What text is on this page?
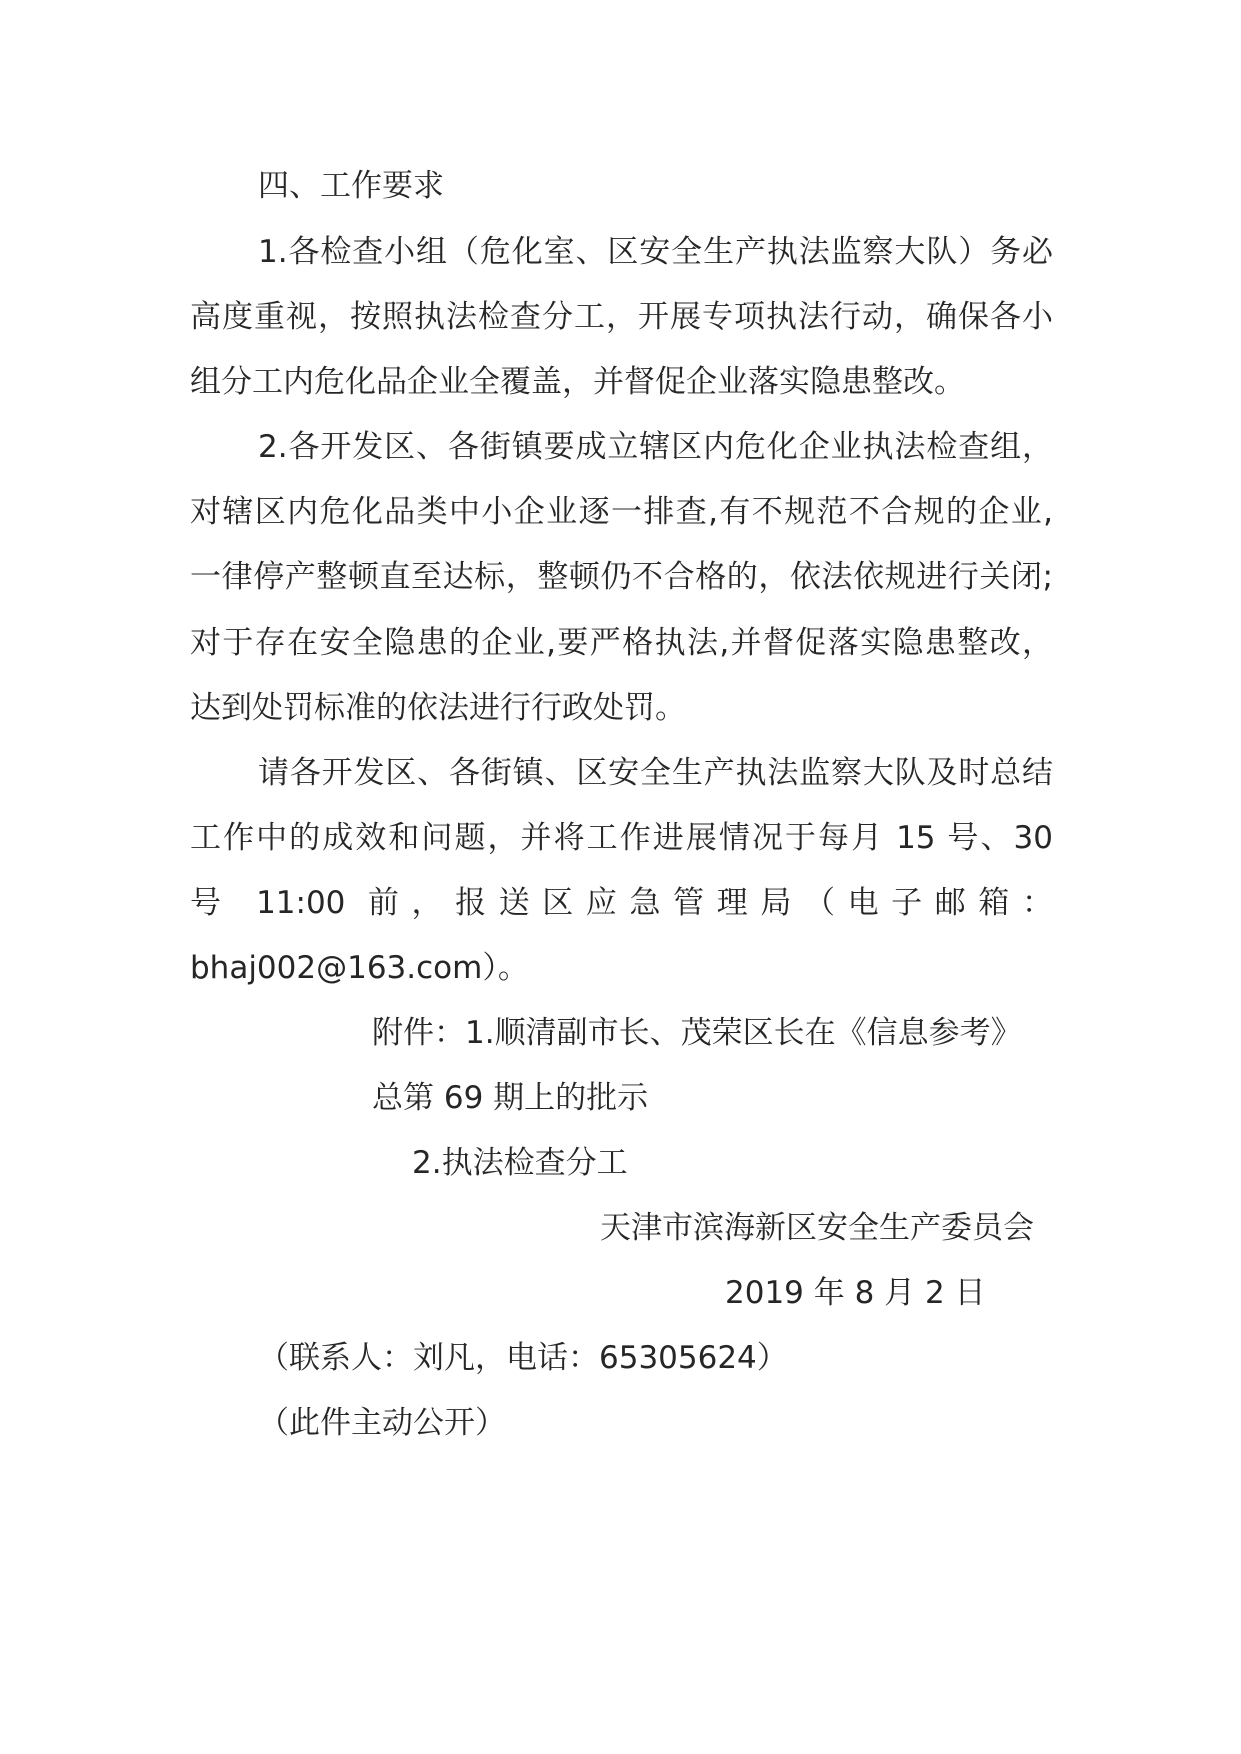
四、工作要求
1.各检查小组（危化室、区安全生产执法监察大队）务必
高度重视，按照执法检查分工，开展专项执法行动，确保各小
组分工内危化品企业全覆盖，并督促企业落实隐患整改。
2.各开发区、各街镇要成立辖区内危化企业执法检查组，
对辖区内危化品类中小企业逐一排查,有不规范不合规的企业,
一律停产整顿直至达标，整顿仍不合格的，依法依规进行关闭;
对于存在安全隐患的企业,要严格执法,并督促落实隐患整改，
达到处罚标准的依法进行行政处罚。
请各开发区、各街镇、区安全生产执法监察大队及时总结
工作中的成效和问题，并将工作进展情况于每月 15 号、30
号 11:00 前，报送区应急管理局（电子邮箱：
bhaj002@163.com）。
附件：1.顺清副市长、茂荣区长在《信息参考》
总第 69 期上的批示
2.执法检查分工
天津市滨海新区安全生产委员会
2019 年 8 月 2 日
（联系人：刘凡，电话：65305624）
（此件主动公开）
